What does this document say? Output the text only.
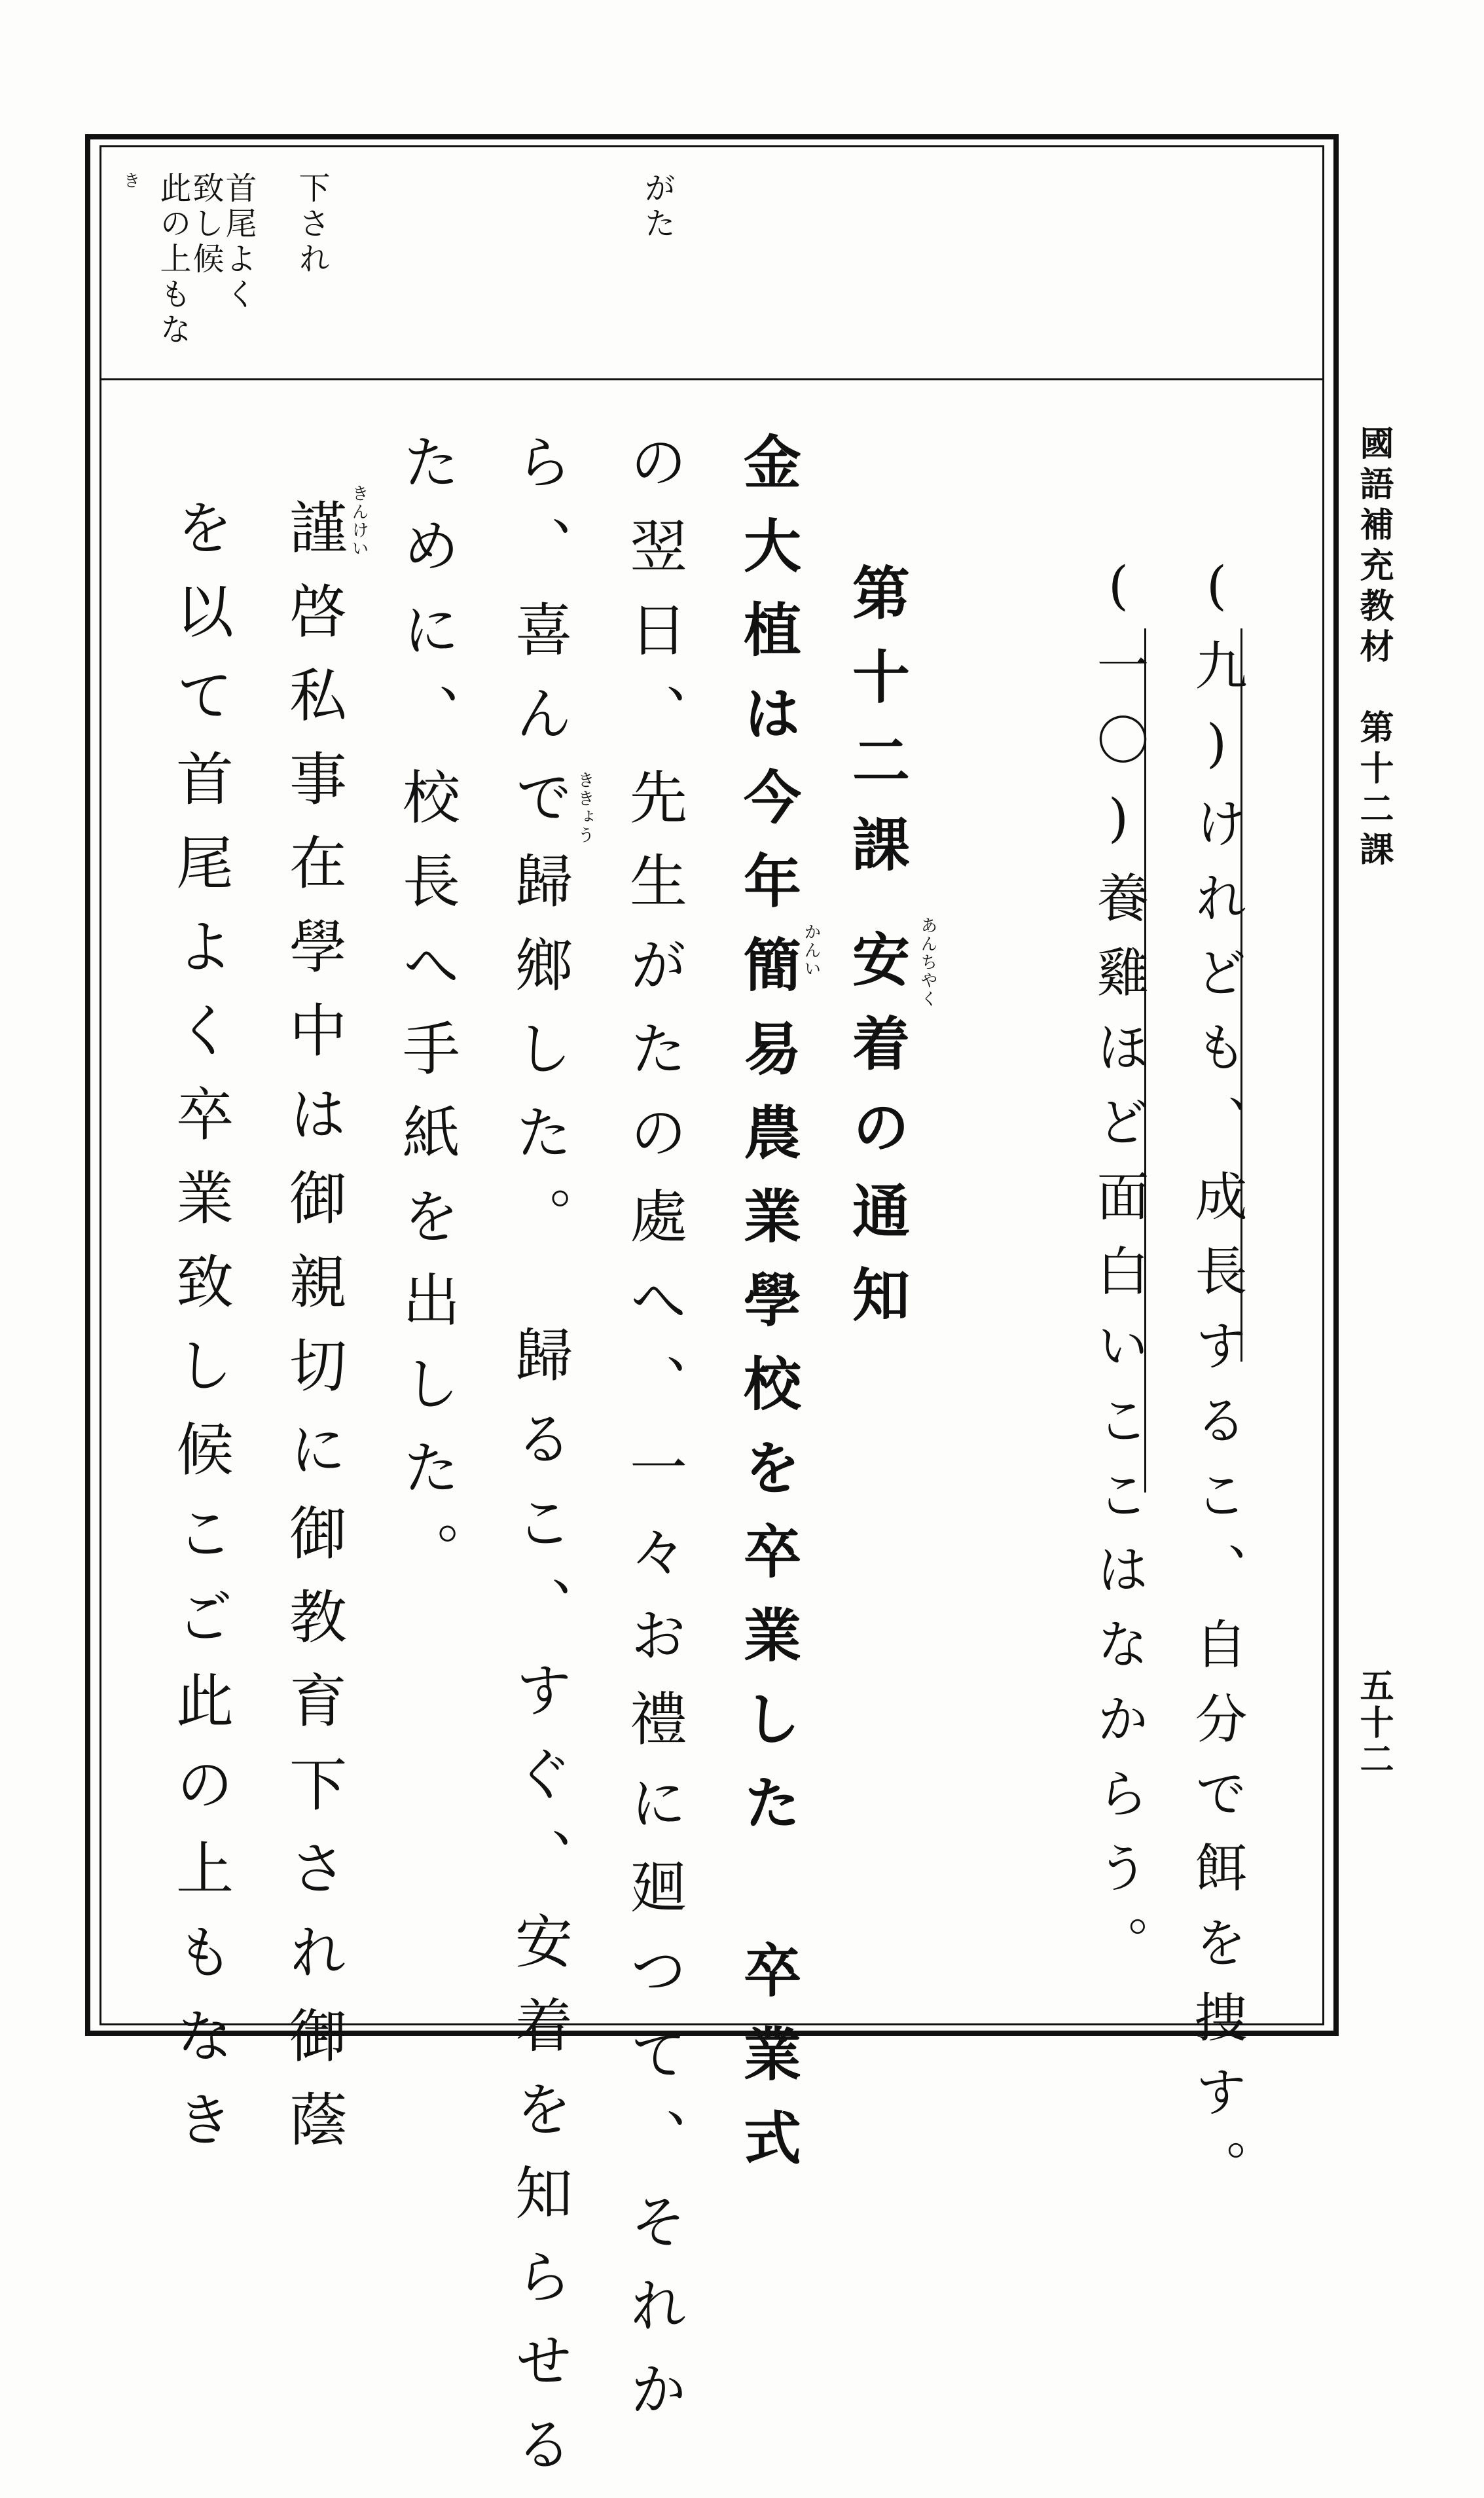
國語補充教材　第十二課
五十二
がた
下され
首尾よく
致し候
此の上もな
き
(九)けれども、成長するこ、自分で餌を捜す。
(一〇)養雞ほど面白いここはなからう。
第十二課
安着の通知 あんちやく
金大植は今年簡易農業學校を卒業した　卒業式
の翌日、先生がたの處へ、一々お禮に廻つて、それか
ら、喜んで歸鄉した。　歸るこ、すぐ、安着を知らせる
ために、校長へ手紙を出した。
謹啓私事在學中は御親切に御教育下され御蔭
を以て首尾よく卒業致し候こご此の上もなき	かんい
ききょう
きんけい
